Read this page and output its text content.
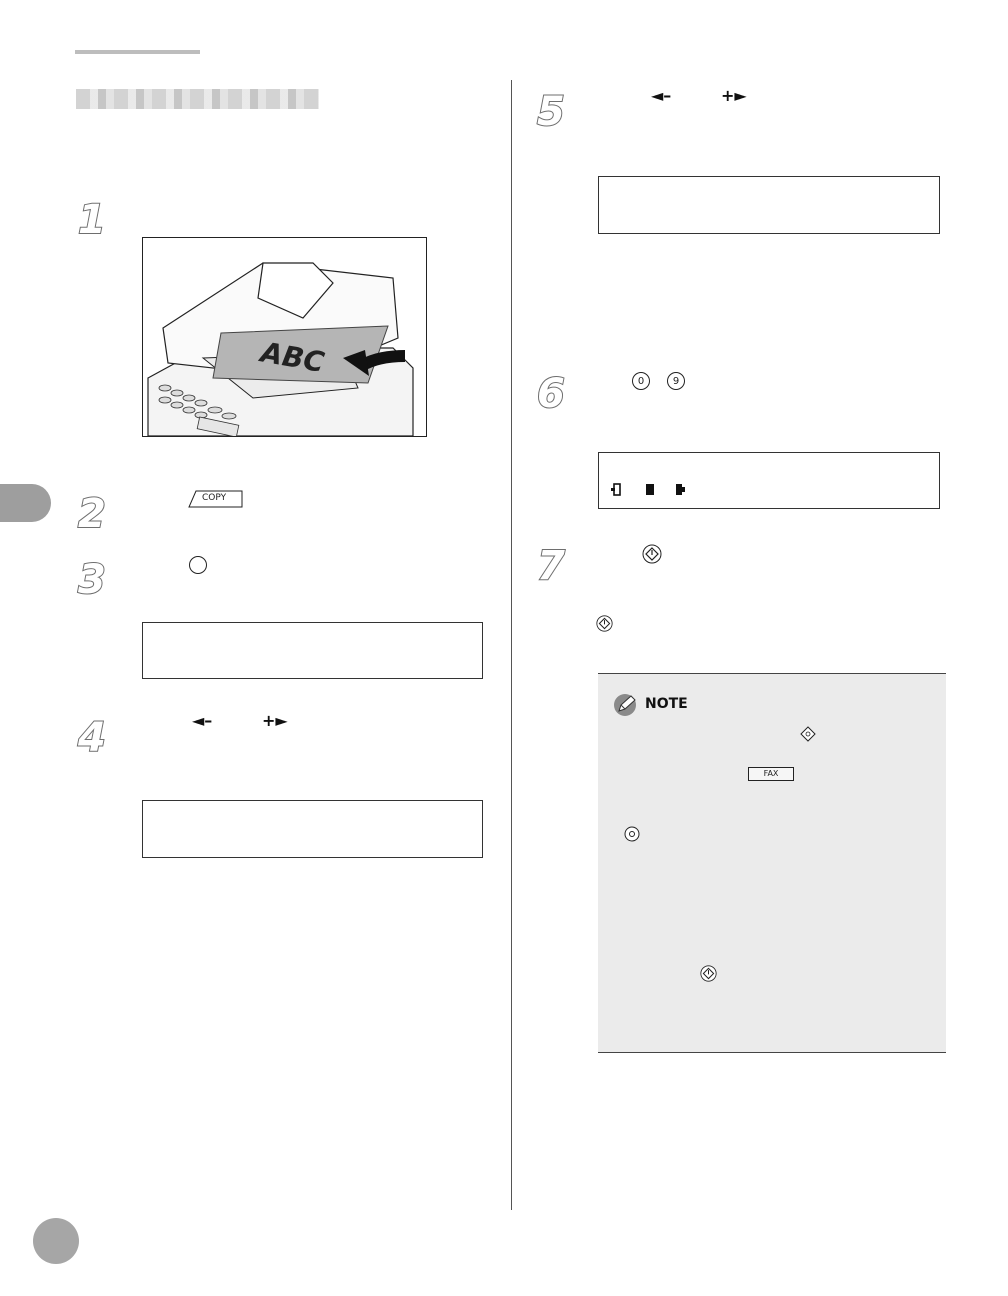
1
ABC
2	COPY
3
4	◄–	+►
5	◄–	+►
6	0	9
7
NOTE
FAX
